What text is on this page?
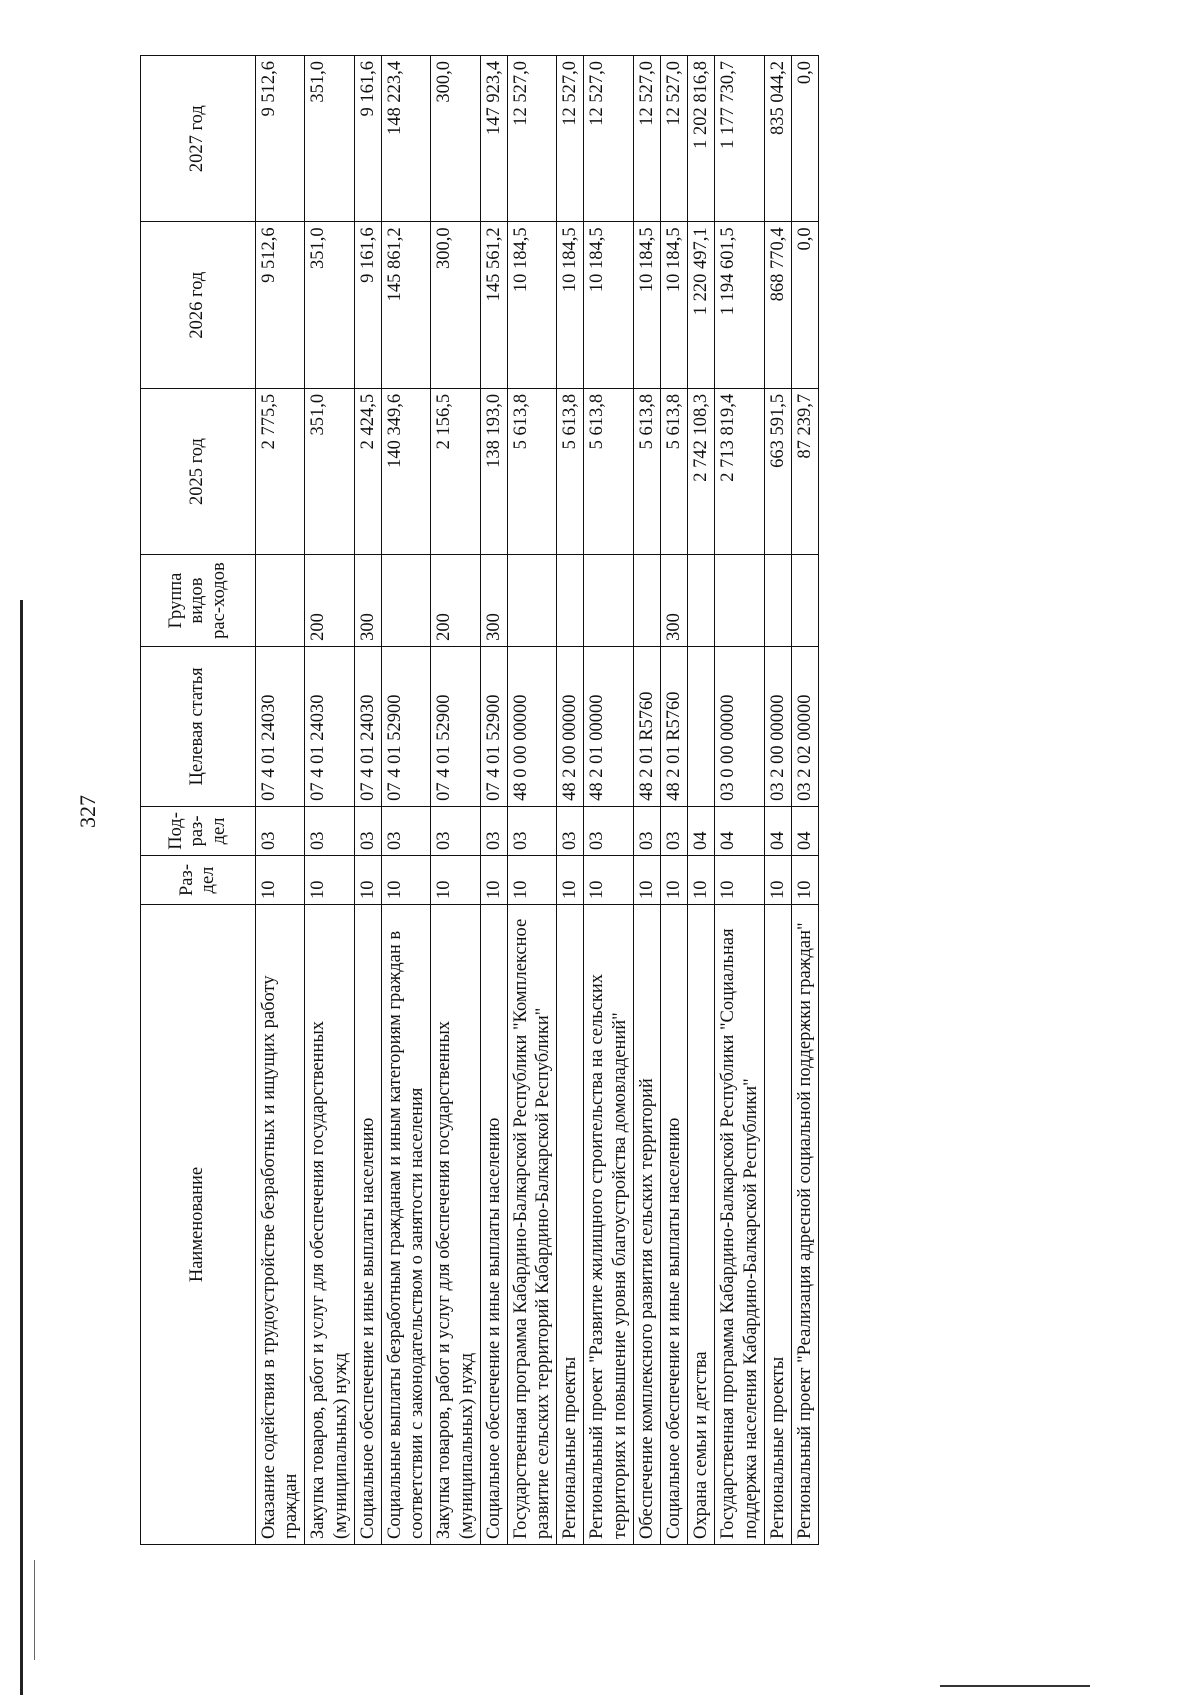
327
Наименование	Раз-дел	Под-раз-дел	Целевая статья	Группа видов рас-ходов	2025 год	2026 год	2027 год
Оказание содействия в трудоустройстве безработных и ищущих работу граждан	10	03	07 4 01 24030		2 775,5	9 512,6	9 512,6
Закупка товаров, работ и услуг для обеспечения государственных (муниципальных) нужд	10	03	07 4 01 24030	200	351,0	351,0	351,0
Социальное обеспечение и иные выплаты населению	10	03	07 4 01 24030	300	2 424,5	9 161,6	9 161,6
Социальные выплаты безработным гражданам и иным категориям граждан в соответствии с законодательством о занятости населения	10	03	07 4 01 52900		140 349,6	145 861,2	148 223,4
Закупка товаров, работ и услуг для обеспечения государственных (муниципальных) нужд	10	03	07 4 01 52900	200	2 156,5	300,0	300,0
Социальное обеспечение и иные выплаты населению	10	03	07 4 01 52900	300	138 193,0	145 561,2	147 923,4
Государственная программа Кабардино-Балкарской Республики "Комплексное развитие сельских территорий Кабардино-Балкарской Республики"	10	03	48 0 00 00000		5 613,8	10 184,5	12 527,0
Региональные проекты	10	03	48 2 00 00000		5 613,8	10 184,5	12 527,0
Региональный проект "Развитие жилищного строительства на сельских территориях и повышение уровня благоустройства домовладений"	10	03	48 2 01 00000		5 613,8	10 184,5	12 527,0
Обеспечение комплексного развития сельских территорий	10	03	48 2 01 R5760		5 613,8	10 184,5	12 527,0
Социальное обеспечение и иные выплаты населению	10	03	48 2 01 R5760	300	5 613,8	10 184,5	12 527,0
Охрана семьи и детства	10	04			2 742 108,3	1 220 497,1	1 202 816,8
Государственная программа Кабардино-Балкарской Республики "Социальная поддержка населения Кабардино-Балкарской Республики"	10	04	03 0 00 00000		2 713 819,4	1 194 601,5	1 177 730,7
Региональные проекты	10	04	03 2 00 00000		663 591,5	868 770,4	835 044,2
Региональный проект "Реализация адресной социальной поддержки граждан"	10	04	03 2 02 00000		87 239,7	0,0	0,0
